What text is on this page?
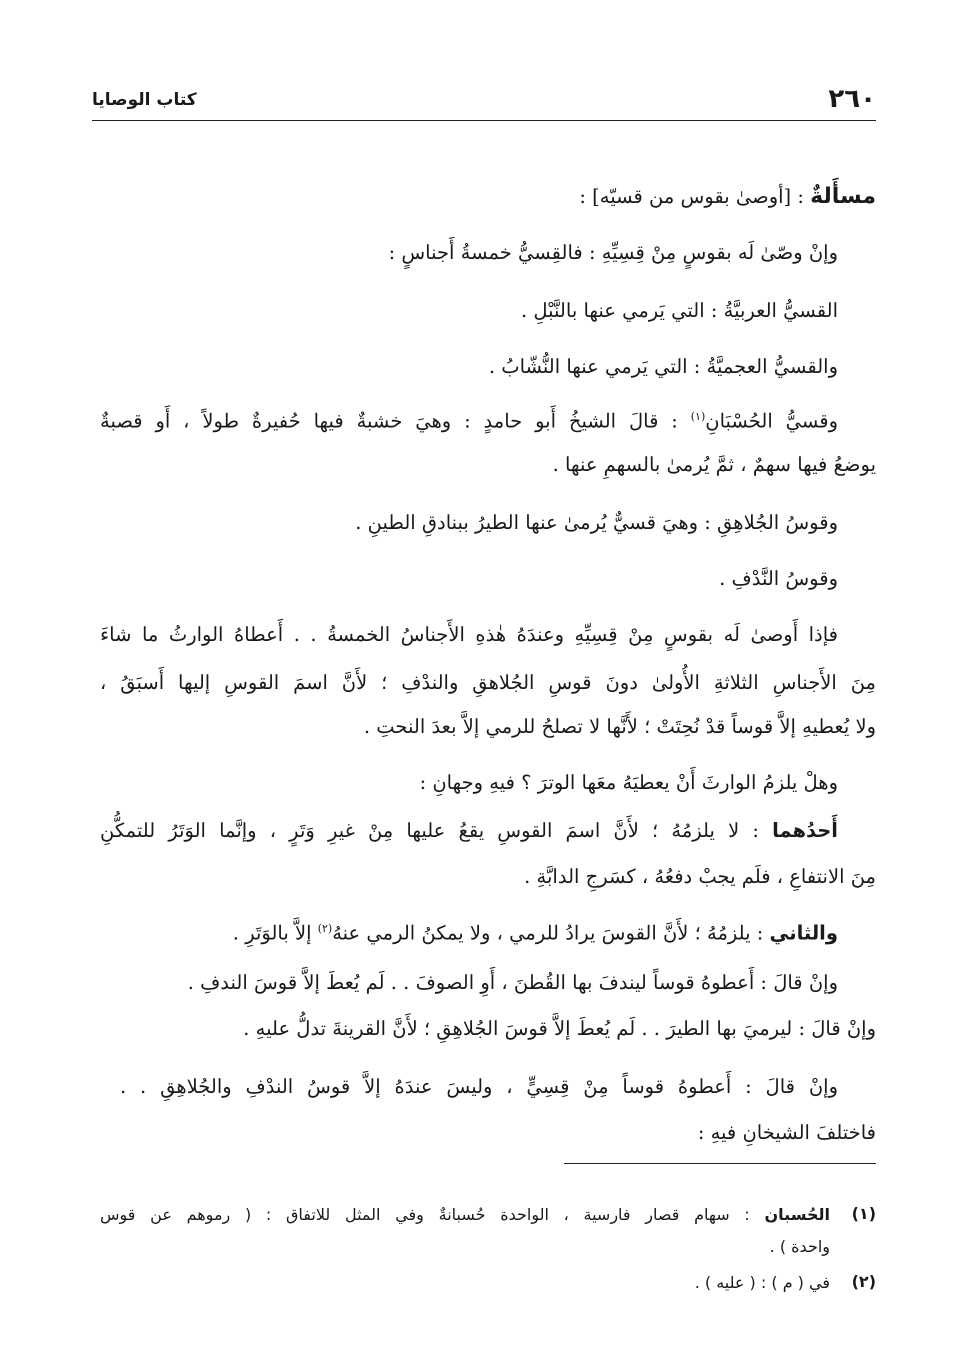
٢٦٠
كتاب الوصايا
مسأَلةٌ : [أوصىٰ بقوس من قسيّه] :
وإنْ وصّىٰ لَه بقوسٍ مِنْ قِسِيِّهِ : فالقِسيُّ خمسةُ أَجناسٍ :
القسيُّ العربيَّةُ : التي يَرمي عنها بالنَّبْلِ .
والقسيُّ العجميَّةُ : التي يَرمي عنها النُّشّابُ .
وقسيُّ الحُسْبَانِ$^{(١)}$ : قالَ الشيخُ أَبو حامدٍ : وهيَ خشبةٌ فيها حُفيرةٌ طولاً ، أَو قصبةٌ
يوضعُ فيها سهمٌ ، ثمَّ يُرمىٰ بالسهمِ عنها .
وقوسُ الجُلاهِقِ : وهيَ قسيٌّ يُرمىٰ عنها الطيرُ ببنادقِ الطينِ .
وقوسُ النَّدْفِ .
فإذا أَوصىٰ لَه بقوسٍ مِنْ قِسِيِّهِ وعندَهُ هٰذهِ الأَجناسُ الخمسةُ . . أَعطاهُ الوارثُ ما شاءَ
مِنَ الأَجناسِ الثلاثةِ الأُولىٰ دونَ قوسِ الجُلاهقِ والندْفِ ؛ لأَنَّ اسمَ القوسِ إليها أَسبَقُ ،
ولا يُعطيهِ إلاَّ قوساً قدْ نُحِتَتْ ؛ لأَنَّها لا تصلحُ للرمي إلاَّ بعدَ النحتِ .
وهلْ يلزمُ الوارثَ أَنْ يعطيَهُ معَها الوترَ ؟ فيهِ وجهانِ :
أَحدُهما : لا يلزمُهُ ؛ لأَنَّ اسمَ القوسِ يقعُ عليها مِنْ غيرِ وَتَرٍ ، وإنَّما الوَتَرُ للتمكُّنِ
مِنَ الانتفاعِ ، فلَم يجبْ دفعُهُ ، كسَرجِ الدابَّةِ .
والثاني : يلزمُهُ ؛ لأَنَّ القوسَ يرادُ للرمي ، ولا يمكنُ الرمي عنهُ$^{(٢)}$ إلاَّ بالوَتَرِ .
وإنْ قالَ : أَعطوهُ قوساً ليندفَ بها القُطنَ ، أَوِ الصوفَ . . لَم يُعطَ إلاَّ قوسَ الندفِ .
وإنْ قالَ : ليرميَ بها الطيرَ . . لَم يُعطَ إلاَّ قوسَ الجُلاهِقِ ؛ لأَنَّ القرينةَ تدلُّ عليهِ .
وإنْ قالَ : أَعطوهُ قوساً مِنْ قِسِيٍّ ، وليسَ عندَهُ إلاَّ قوسُ الندْفِ والجُلاهِقِ . .
فاختلفَ الشيخانِ فيهِ :
(١)
الحُسبان : سهام قصار فارسية ، الواحدة حُسبانةٌ وفي المثل للاتفاق : ( رموهم عن قوس
واحدة ) .
(٢)
في ( م ) : ( عليه ) .
